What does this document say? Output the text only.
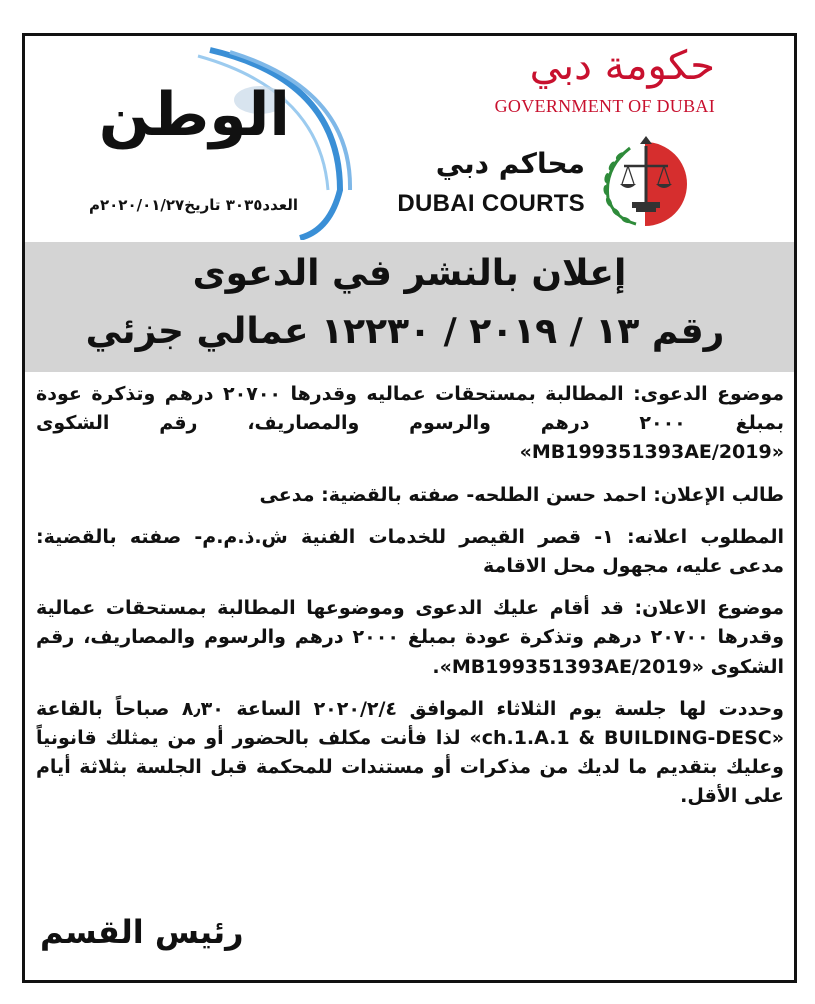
حكومة دبي
GOVERNMENT OF DUBAI
محاكم دبي
DUBAI COURTS
الوطن
العدد٣٠٣٥ تاريخ٢٠٢٠/٠١/٢٧م
إعلان بالنشر في الدعوى
رقم ١٣ / ٢٠١٩ / ١٢٢٣٠ عمالي جزئي

موضوع الدعوى: المطالبة بمستحقات عماليه وقدرها ٢٠٧٠٠ درهم وتذكرة عودة بمبلغ ٢٠٠٠ درهم والرسوم والمصاريف، رقم الشكوى «MB199351393AE/2019»

طالب الإعلان: احمد حسن الطلحه- صفته بالقضية: مدعى

المطلوب اعلانه: ١- قصر القيصر للخدمات الفنية ش.ذ.م.م- صفته بالقضية: مدعى عليه، مجهول محل الاقامة

موضوع الاعلان: قد أقام عليك الدعوى وموضوعها المطالبة بمستحقات عمالية وقدرها ٢٠٧٠٠ درهم وتذكرة عودة بمبلغ ٢٠٠٠ درهم والرسوم والمصاريف، رقم الشكوى «MB199351393AE/2019».

وحددت لها جلسة يوم الثلاثاء الموافق ٢٠٢٠/٢/٤ الساعة ٨٫٣٠ صباحاً بالقاعة «ch.1.A.1 & BUILDING-DESC» لذا فأنت مكلف بالحضور أو من يمثلك قانونياً وعليك بتقديم ما لديك من مذكرات أو مستندات للمحكمة قبل الجلسة بثلاثة أيام على الأقل.

رئيس القسم
